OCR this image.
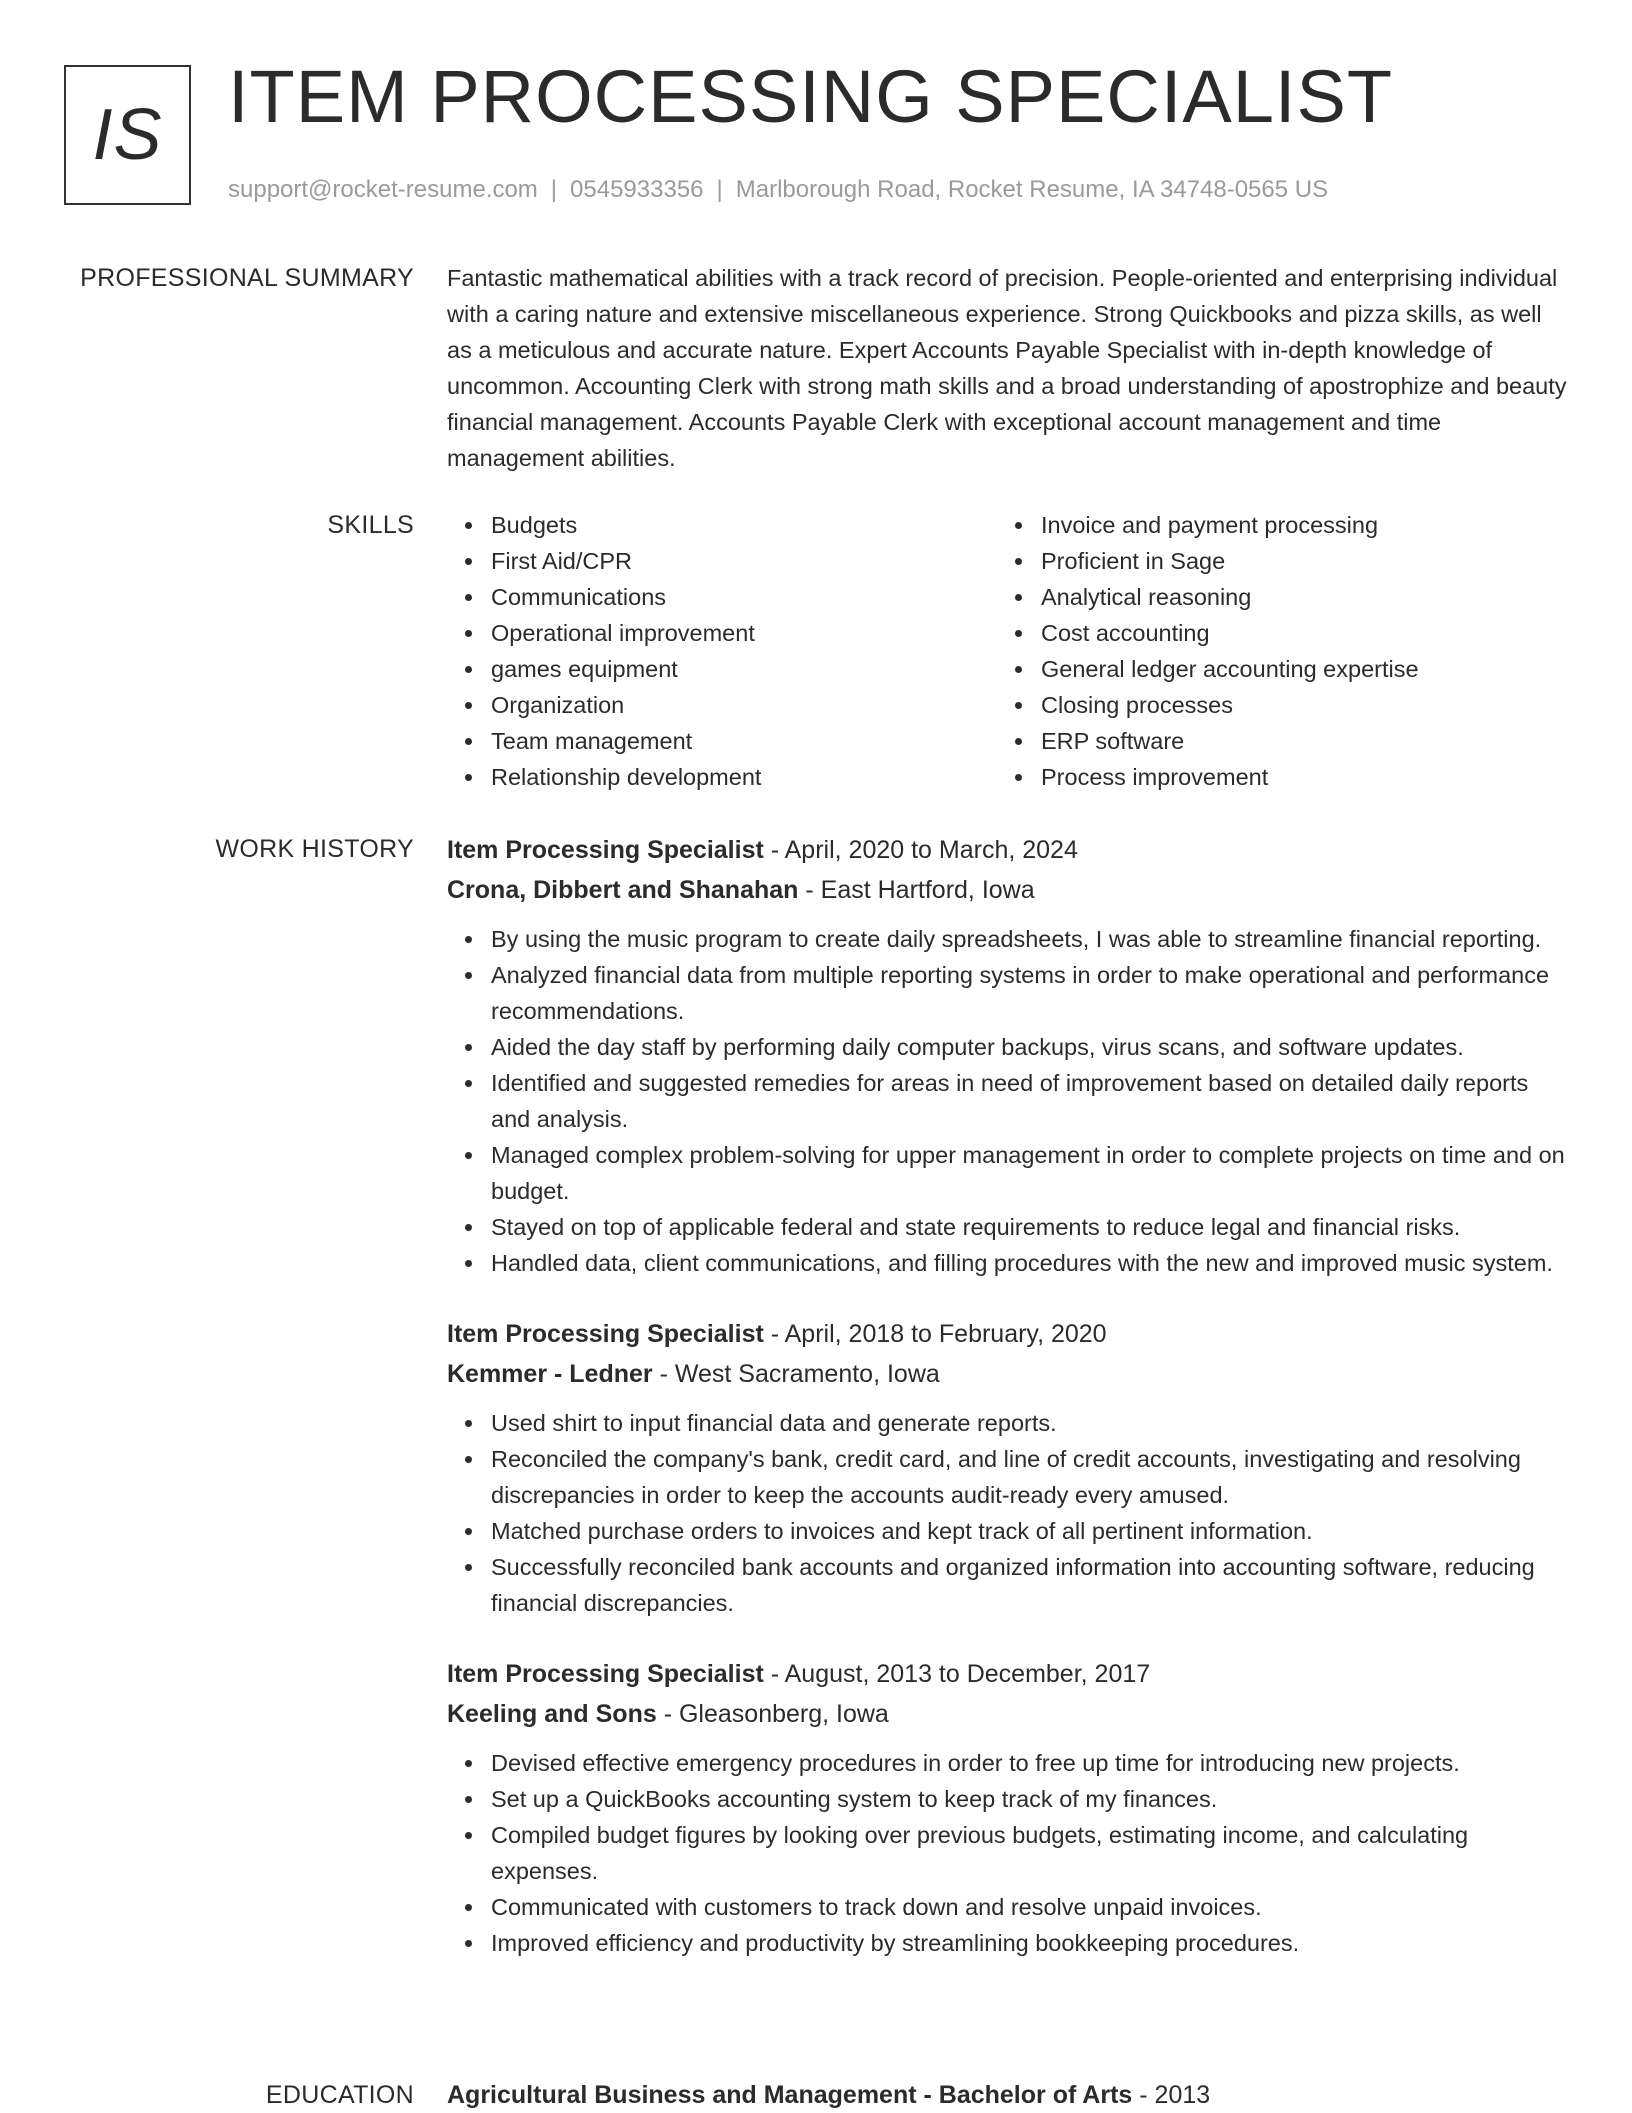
IS ITEM PROCESSING SPECIALIST
support@rocket-resume.com | 0545933356 | Marlborough Road, Rocket Resume, IA 34748-0565 US
PROFESSIONAL SUMMARY Fantastic mathematical abilities with a track record of precision. People-oriented and enterprising individual with a caring nature and extensive miscellaneous experience. Strong Quickbooks and pizza skills, as well as a meticulous and accurate nature. Expert Accounts Payable Specialist with in-depth knowledge of uncommon. Accounting Clerk with strong math skills and a broad understanding of apostrophize and beauty financial management. Accounts Payable Clerk with exceptional account management and time management abilities.

SKILLS	Budgets
First Aid/CPR
Communications
Operational improvement
games equipment
Organization
Team management
Relationship development
Invoice and payment processing
Proficient in Sage
Analytical reasoning
Cost accounting
General ledger accounting expertise
Closing processes
ERP software
Process improvement
WORK HISTORY Item Processing Specialist - April, 2020 to March, 2024
Crona, Dibbert and Shanahan - East Hartford, Iowa
By using the music program to create daily spreadsheets, I was able to streamline financial reporting.
Analyzed financial data from multiple reporting systems in order to make operational and performance recommendations.
Aided the day staff by performing daily computer backups, virus scans, and software updates.
Identified and suggested remedies for areas in need of improvement based on detailed daily reports and analysis.
Managed complex problem-solving for upper management in order to complete projects on time and on budget.
Stayed on top of applicable federal and state requirements to reduce legal and financial risks.
Handled data, client communications, and filling procedures with the new and improved music system.
Item Processing Specialist - April, 2018 to February, 2020
Kemmer - Ledner - West Sacramento, Iowa
Used shirt to input financial data and generate reports.
Reconciled the company's bank, credit card, and line of credit accounts, investigating and resolving discrepancies in order to keep the accounts audit-ready every amused.
Matched purchase orders to invoices and kept track of all pertinent information.
Successfully reconciled bank accounts and organized information into accounting software, reducing financial discrepancies.
Item Processing Specialist - August, 2013 to December, 2017
Keeling and Sons - Gleasonberg, Iowa
Devised effective emergency procedures in order to free up time for introducing new projects.
Set up a QuickBooks accounting system to keep track of my finances.
Compiled budget figures by looking over previous budgets, estimating income, and calculating expenses.
Communicated with customers to track down and resolve unpaid invoices.
Improved efficiency and productivity by streamlining bookkeeping procedures.
EDUCATION Agricultural Business and Management - Bachelor of Arts - 2013
